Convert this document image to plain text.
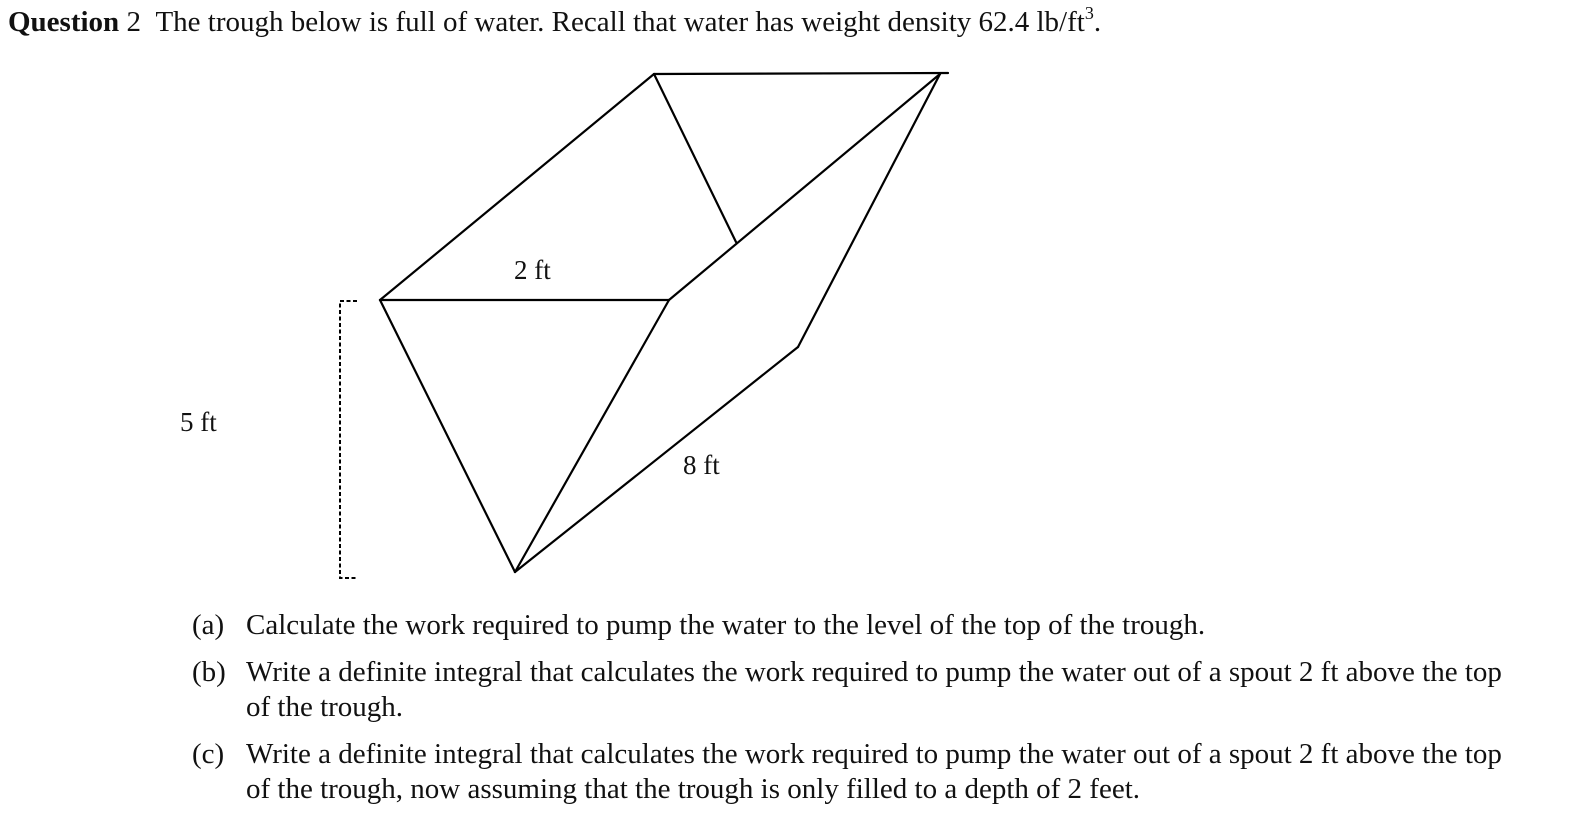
Question 2 The trough below is full of water. Recall that water has weight density 62.4 $lb/ft^3$.
2 ft
5 ft
8 ft
(a) Calculate the work required to pump the water to the level of the top of the trough.
(b) Write a definite integral that calculates the work required to pump the water out of a spout 2 ft above the top of the trough.
(c) Write a definite integral that calculates the work required to pump the water out of a spout 2 ft above the top of the trough, now assuming that the trough is only filled to a depth of 2 feet.
